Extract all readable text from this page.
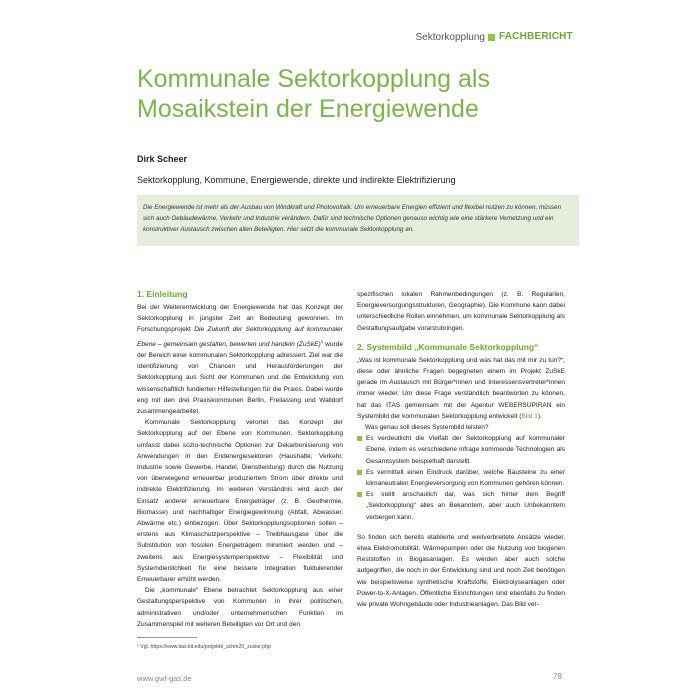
Sektorkopplung FACHBERICHT
Kommunale Sektorkopplung als
Mosaikstein der Energiewende
Dirk Scheer
Sektorkopplung, Kommune, Energiewende, direkte und indirekte Elektrifizierung
Die Energiewende ist mehr als der Ausbau von Windkraft und Photovoltaik. Um erneuerbare Energien effizient und flexibel nutzen zu können, müssen sich auch Gebäudewärme, Verkehr und Industrie verändern. Dafür sind technische Optionen genauso wichtig wie eine stärkere Vernetzung und ein konstruktiver Austausch zwischen allen Beteiligten. Hier setzt die kommunale Sektorkopplung an.
1. Einleitung

Bei der Weiterentwicklung der Energiewende hat das Konzept der Sektorkopplung in jüngster Zeit an Bedeutung gewonnen. Im Forschungsprojekt Die Zukunft der Sektorkopplung auf kommunaler Ebene – gemeinsam gestalten, bewerten und handeln (ZuSkE)$^1$ wurde der Bereich einer kommunalen Sektorkopplung adressiert. Ziel war die Identifizierung von Chancen und Herausforderungen der Sektorkopplung aus Sicht der Kommunen und die Entwicklung von wissenschaftlich fundierten Hilfestellungen für die Praxis. Dabei wurde eng mit den drei Praxiskommunen Berlin, Freilassing und Walldorf zusammengearbeitet.

Kommunale Sektorkopplung verortet das Konzept der Sektorkopplung auf der Ebene von Kommunen. Sektorkopplung umfasst dabei sozio-technische Optionen zur Dekarbonisierung von Anwendungen in den Endenergiesektoren (Haushalte, Verkehr, Industrie sowie Gewerbe, Handel, Dienstleistung) durch die Nutzung von überwiegend erneuerbar produziertem Strom über direkte und indirekte Elektrifizierung. Im weiteren Verständnis wird auch der Einsatz anderer erneuerbare Energieträger (z. B. Geothermie, Biomasse) und nachhaltiger Energiegewinnung (Abfall, Abwasser, Abwärme etc.) einbezogen. Über Sektorkopplungsoptionen sollen – erstens aus Klimaschutzperspektive – Treibhausgase über die Substitution von fossilen Energieträgern minimiert werden und – zweitens aus Energiesystemperspektive – Flexibilität und Systemdienlichkeit für eine bessere Integration fluktuierender Erneuerbarer erhöht werden.

Die „kommunale“ Ebene betrachtet Sektorkopplung aus einer Gestaltungsperspektive von Kommunen in ihrer politischen, administrativen und/oder unternehmerischen Funktion im Zusammenspiel mit weiteren Beteiligten vor Ort und den

spezifischen lokalen Rahmenbedingungen (z. B. Regularien, Energieversorgungsstrukturen, Geographie). Die Kommune kann dabei unterschiedliche Rollen einnehmen, um kommunale Sektorkopplung als Gestaltungsaufgabe voranzubringen.

2. Systembild „Kommunale Sektorkopplung“

„Was ist kommunale Sektorkopplung und was hat das mit mir zu tun?“, diese oder ähnliche Fragen begegneten einem im Projekt ZuSkE gerade im Austausch mit Bürger*innen und Interessensvertreter*innen immer wieder. Um diese Frage verständlich beantworten zu können, hat das ITAS gemeinsam mit der Agentur WEBERSUPIRAN ein Systembild der kommunalen Sektorkopplung entwickelt (Bild 1).

Was genau soll dieses Systembild leisten?

Es verdeutlicht die Vielfalt der Sektorkopplung auf kommunaler Ebene, indem es verschiedene infrage kommende Technologien als Gesamtsystem beispielhaft darstellt.
Es vermittelt einen Eindruck darüber, welche Bausteine zu einer klimaneutralen Energieversorgung von Kommunen gehören können.
Es stellt anschaulich dar, was sich hinter dem Begriff „Sektorkopplung“ alles an Bekanntem, aber auch Unbekanntem verbergen kann.

So finden sich bereits etablierte und weitverbreitete Ansätze wieder, etwa Elektromobilität, Wärmepumpen oder die Nutzung von biogenen Reststoffen in Biogasanlagen. Es werden aber auch solche aufgegriffen, die noch in der Entwicklung sind und noch Zeit benötigen wie beispielsweise synthetische Kraftstoffe, Elektrolyseanlagen oder Power-to-X-Anlagen. Öffentliche Einrichtungen sind ebenfalls zu finden wie private Wohngebäude oder Industrieanlagen. Das Bild ver-

¹ Vgl. https://www.itas.kit.edu/projekte_schm20_zuske.php
www.gwf-gas.de	79
